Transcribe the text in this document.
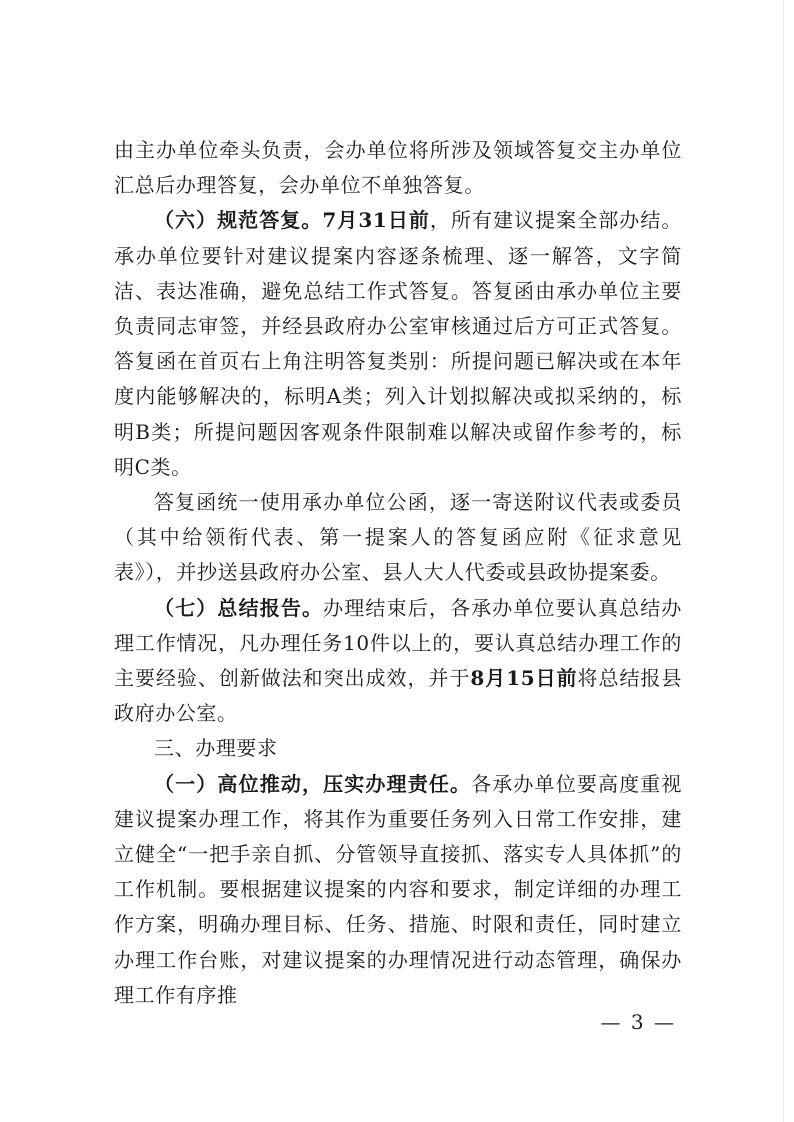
由主办单位牵头负责，会办单位将所涉及领域答复交主办单位汇总后办理答复，会办单位不单独答复。

（六）规范答复。7月31日前，所有建议提案全部办结。承办单位要针对建议提案内容逐条梳理、逐一解答，文字简洁、表达准确，避免总结工作式答复。答复函由承办单位主要负责同志审签，并经县政府办公室审核通过后方可正式答复。答复函在首页右上角注明答复类别：所提问题已解决或在本年度内能够解决的，标明A类；列入计划拟解决或拟采纳的，标明B类；所提问题因客观条件限制难以解决或留作参考的，标明C类。

答复函统一使用承办单位公函，逐一寄送附议代表或委员（其中给领衔代表、第一提案人的答复函应附《征求意见表》），并抄送县政府办公室、县人大人代委或县政协提案委。

（七）总结报告。办理结束后，各承办单位要认真总结办理工作情况，凡办理任务10件以上的，要认真总结办理工作的主要经验、创新做法和突出成效，并于8月15日前将总结报县政府办公室。

三、办理要求

（一）高位推动，压实办理责任。各承办单位要高度重视建议提案办理工作，将其作为重要任务列入日常工作安排，建立健全“一把手亲自抓、分管领导直接抓、落实专人具体抓”的工作机制。要根据建议提案的内容和要求，制定详细的办理工作方案，明确办理目标、任务、措施、时限和责任，同时建立办理工作台账，对建议提案的办理情况进行动态管理，确保办理工作有序推

— 3 —
